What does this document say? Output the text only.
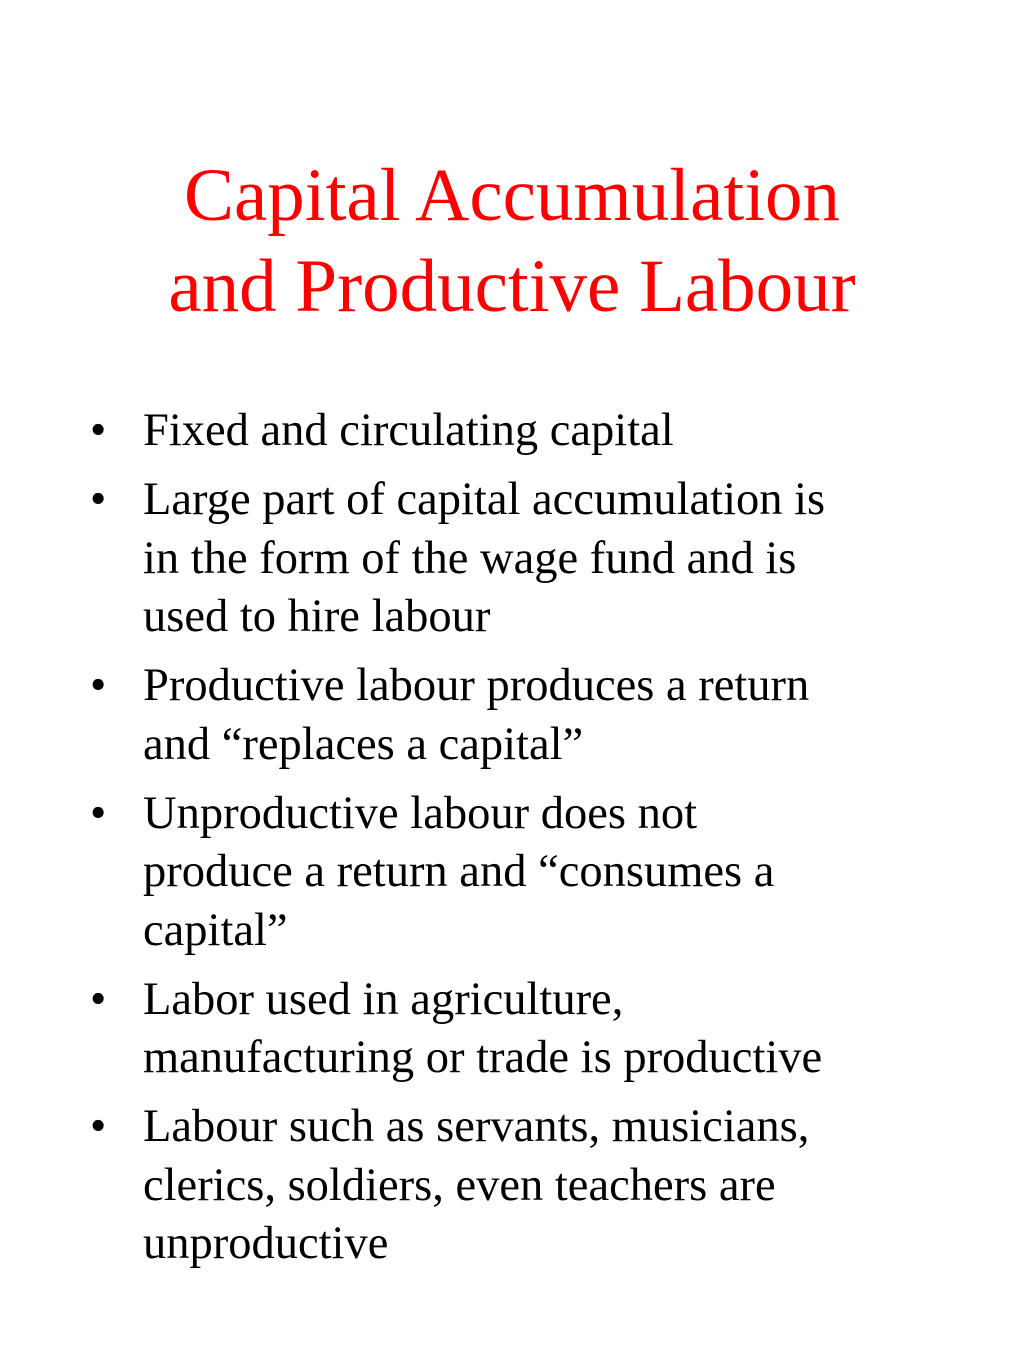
Capital Accumulation
and Productive Labour
• Fixed and circulating capital
• Large part of capital accumulation is
in the form of the wage fund and is
used to hire labour
• Productive labour produces a return
and “replaces a capital”
• Unproductive labour does not
produce a return and “consumes a
capital”
• Labor used in agriculture,
manufacturing or trade is productive
• Labour such as servants, musicians,
clerics, soldiers, even teachers are
unproductive
